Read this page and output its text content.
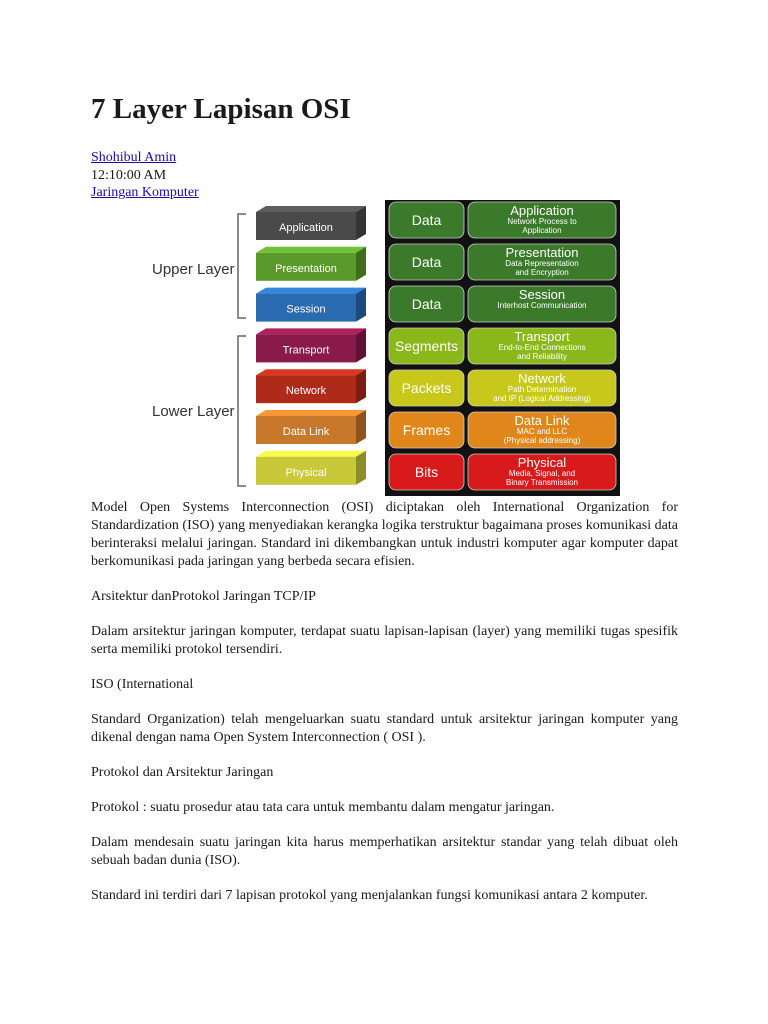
7 Layer Lapisan OSI
Shohibul Amin
12:10:00 AM
Jaringan Komputer
Upper Layer
Lower Layer
Application
Presentation
Session
Transport
Network
Data Link
Physical
Data
Application
Network Process to
Application
Data
Presentation
Data Representation
and Encryption
Data
Session
Interhost Communication
Segments
Transport
End-to-End Connections
and Reliability
Packets
Network
Path Determination
and IP (Logical Addressing)
Frames
Data Link
MAC and LLC
(Physical addressing)
Bits
Physical
Media, Signal, and
Binary Transmission

Model Open Systems Interconnection (OSI) diciptakan oleh International Organization for Standardization (ISO) yang menyediakan kerangka logika terstruktur bagaimana proses komunikasi data berinteraksi melalui jaringan. Standard ini dikembangkan untuk industri komputer agar komputer dapat berkomunikasi pada jaringan yang berbeda secara efisien.

Arsitektur danProtokol Jaringan TCP/IP

Dalam arsitektur jaringan komputer, terdapat suatu lapisan-lapisan (layer) yang memiliki tugas spesifik serta memiliki protokol tersendiri.

ISO (International

Standard Organization) telah mengeluarkan suatu standard untuk arsitektur jaringan komputer yang dikenal dengan nama Open System Interconnection ( OSI ).

Protokol dan Arsitektur Jaringan

Protokol : suatu prosedur atau tata cara untuk membantu dalam mengatur jaringan.

Dalam mendesain suatu jaringan kita harus memperhatikan arsitektur standar yang telah dibuat oleh sebuah badan dunia (ISO).

Standard ini terdiri dari 7 lapisan protokol yang menjalankan fungsi komunikasi antara 2 komputer.
